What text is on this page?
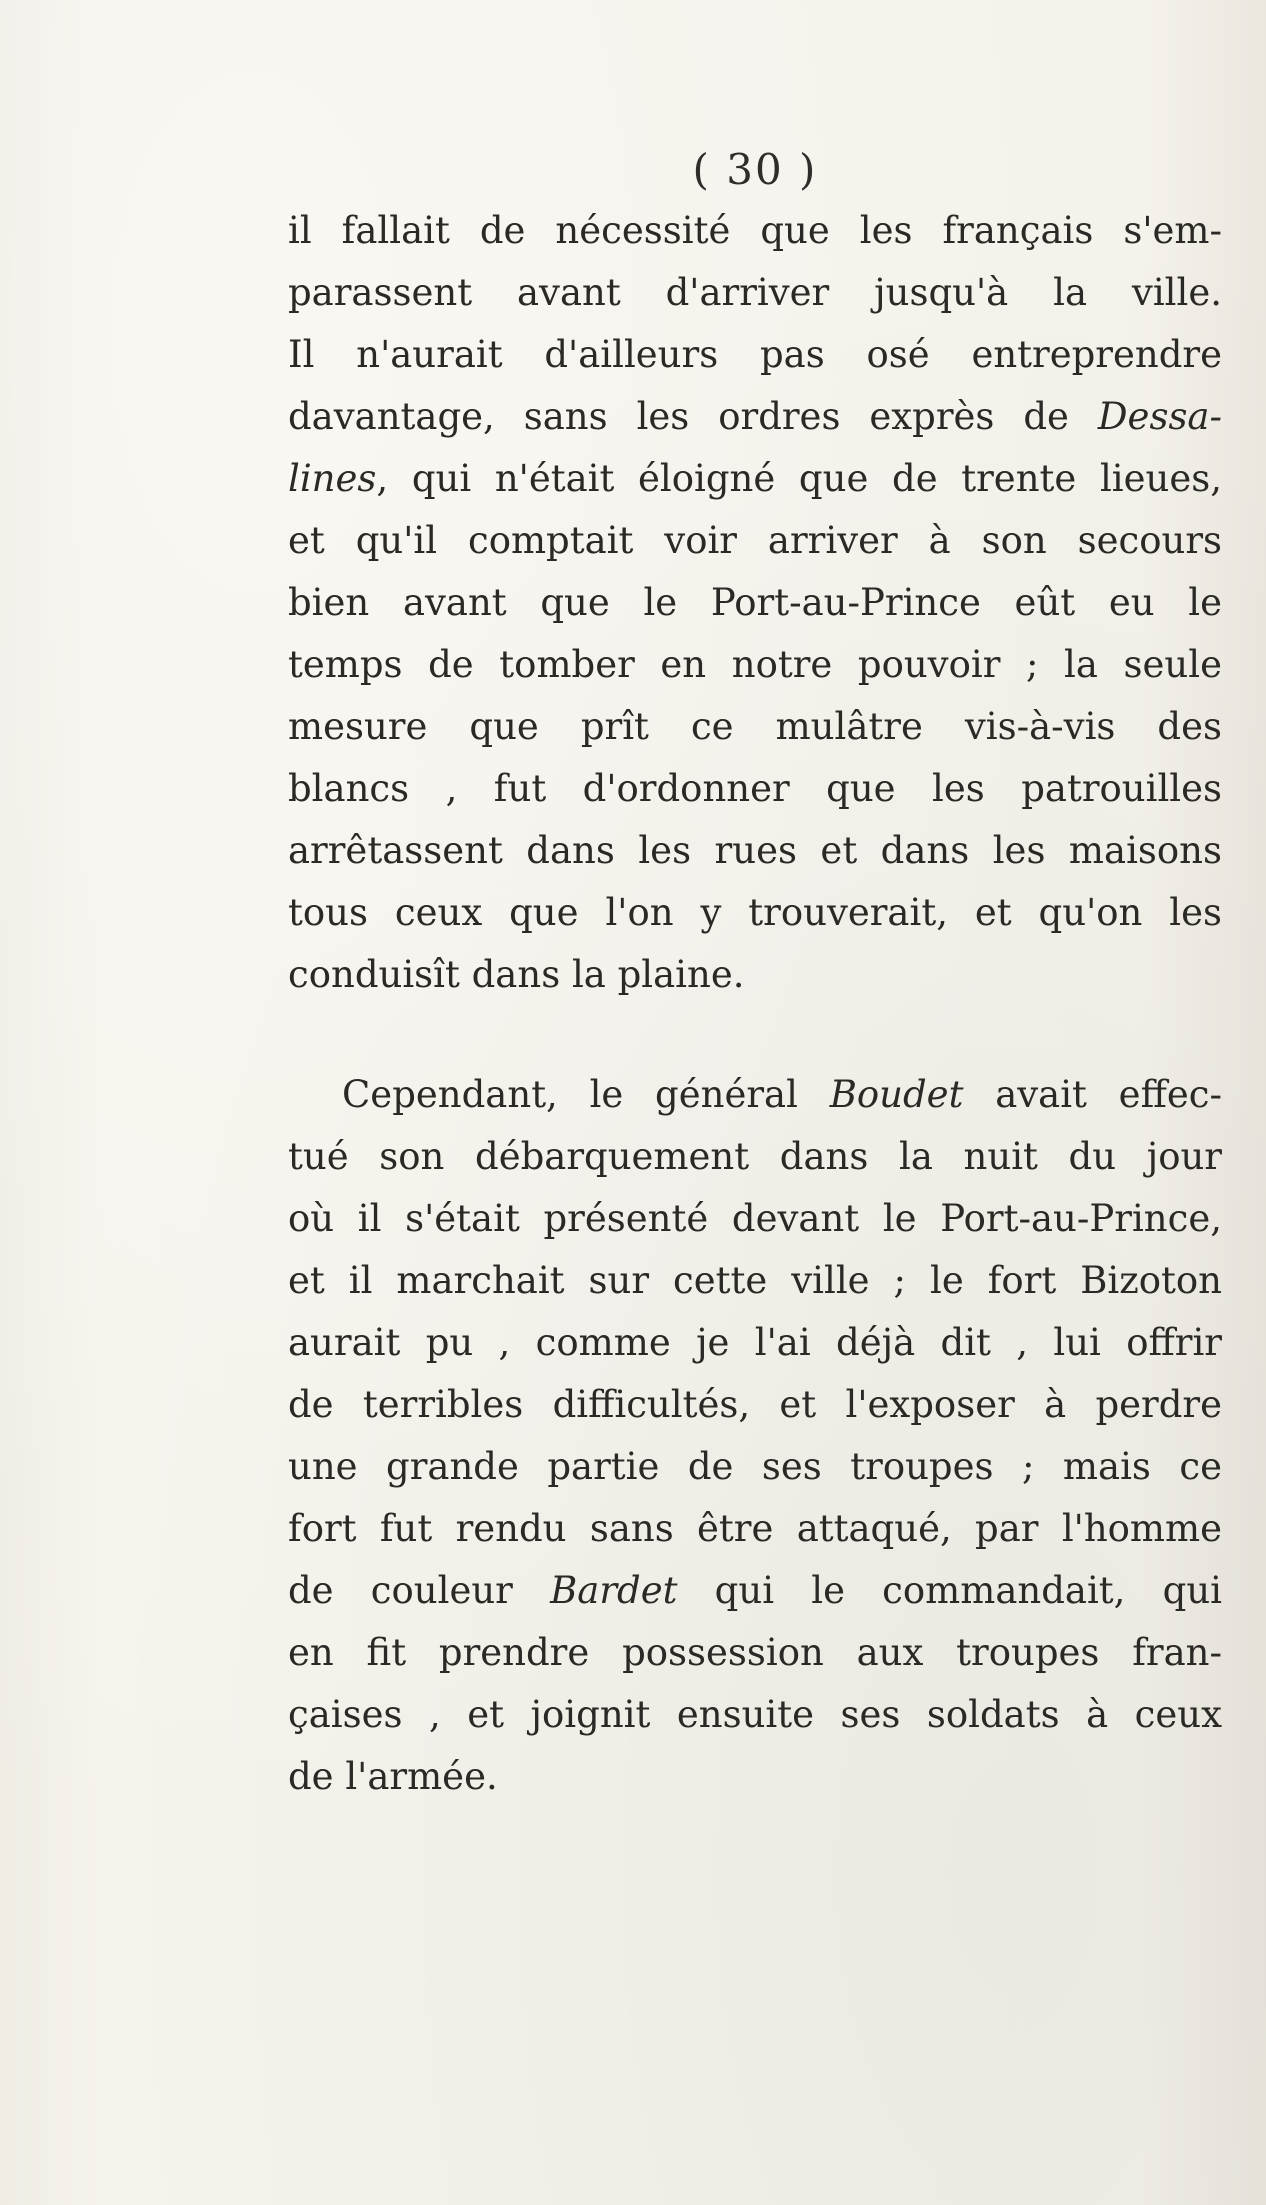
( 30 )
il fallait de nécessité que les français s'em-
parassent avant d'arriver jusqu'à la ville.
Il n'aurait d'ailleurs pas osé entreprendre
davantage, sans les ordres exprès de Dessa-
lines, qui n'était éloigné que de trente lieues,
et qu'il comptait voir arriver à son secours
bien avant que le Port-au-Prince eût eu le
temps de tomber en notre pouvoir ; la seule
mesure que prît ce mulâtre vis-à-vis des
blancs , fut d'ordonner que les patrouilles
arrêtassent dans les rues et dans les maisons
tous ceux que l'on y trouverait, et qu'on les
conduisît dans la plaine.
Cependant, le général Boudet avait effec-
tué son débarquement dans la nuit du jour
où il s'était présenté devant le Port-au-Prince,
et il marchait sur cette ville ; le fort Bizoton
aurait pu , comme je l'ai déjà dit , lui offrir
de terribles difficultés, et l'exposer à perdre
une grande partie de ses troupes ; mais ce
fort fut rendu sans être attaqué, par l'homme
de couleur Bardet qui le commandait, qui
en fit prendre possession aux troupes fran-
çaises , et joignit ensuite ses soldats à ceux
de l'armée.
